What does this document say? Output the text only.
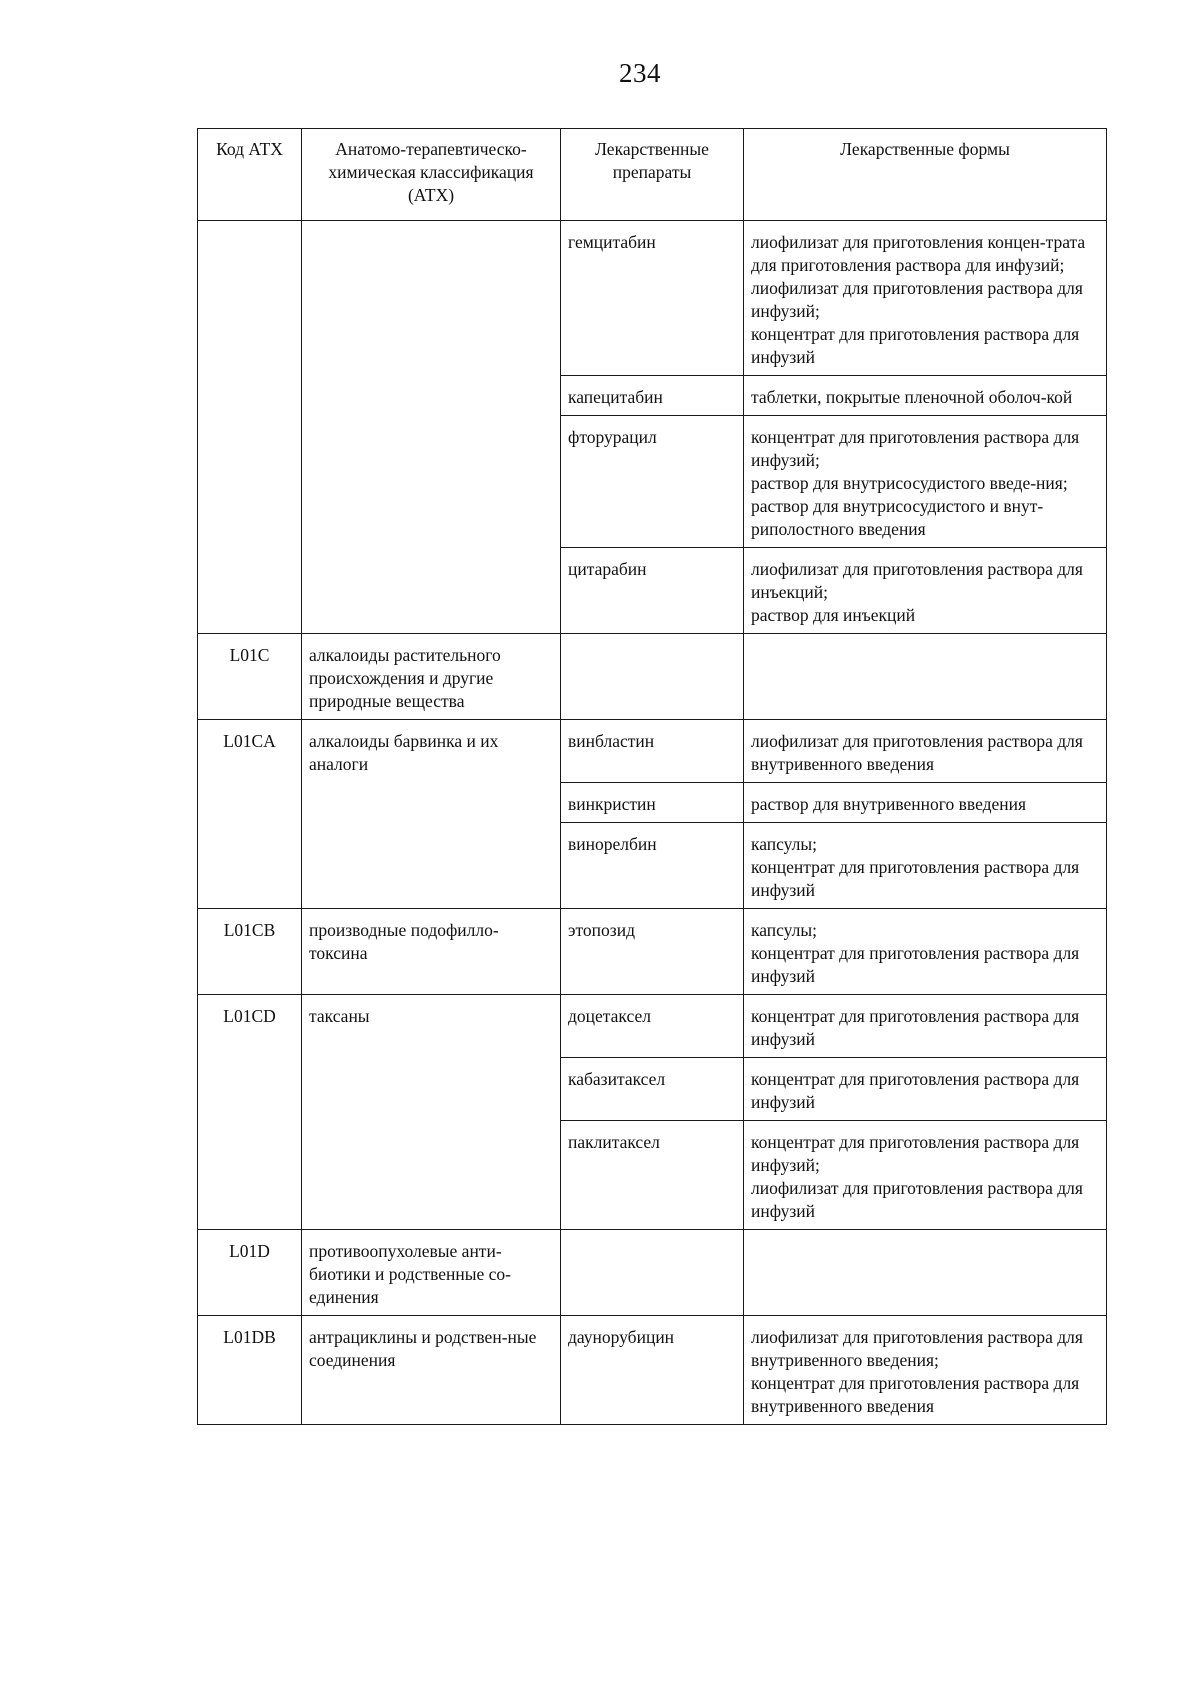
234
Код АТХ	Анатомо-терапевтическо-химическая классификация (АТХ)	Лекарственные препараты	Лекарственные формы
		гемцитабин	лиофилизат для приготовления концен-трата для приготовления раствора для инфузий;
лиофилизат для приготовления раствора для инфузий;
концентрат для приготовления раствора для инфузий

		капецитабин	таблетки, покрытые пленочной оболоч-кой

		фторурацил	концентрат для приготовления раствора для инфузий;
раствор для внутрисосудистого введе-ния;
раствор для внутрисосудистого и внут-риполостного введения

		цитарабин	лиофилизат для приготовления раствора для инъекций;
раствор для инъекций

L01C	алкалоиды растительного происхождения и другие природные вещества		
L01CA	алкалоиды барвинка и их аналоги	винбластин	лиофилизат для приготовления раствора для внутривенного введения

		винкристин	раствор для внутривенного введения

		винорелбин	капсулы;
концентрат для приготовления раствора для инфузий

L01CB	производные подофилло-токсина	этопозид	капсулы;
концентрат для приготовления раствора для инфузий

L01CD	таксаны	доцетаксел	концентрат для приготовления раствора для инфузий

		кабазитаксел	концентрат для приготовления раствора для инфузий

		паклитаксел	концентрат для приготовления раствора для инфузий;
лиофилизат для приготовления раствора для инфузий

L01D	противоопухолевые анти-биотики и родственные со-единения		
L01DB	антрациклины и родствен-ные соединения	даунорубицин	лиофилизат для приготовления раствора для внутривенного введения;
концентрат для приготовления раствора для внутривенного введения
